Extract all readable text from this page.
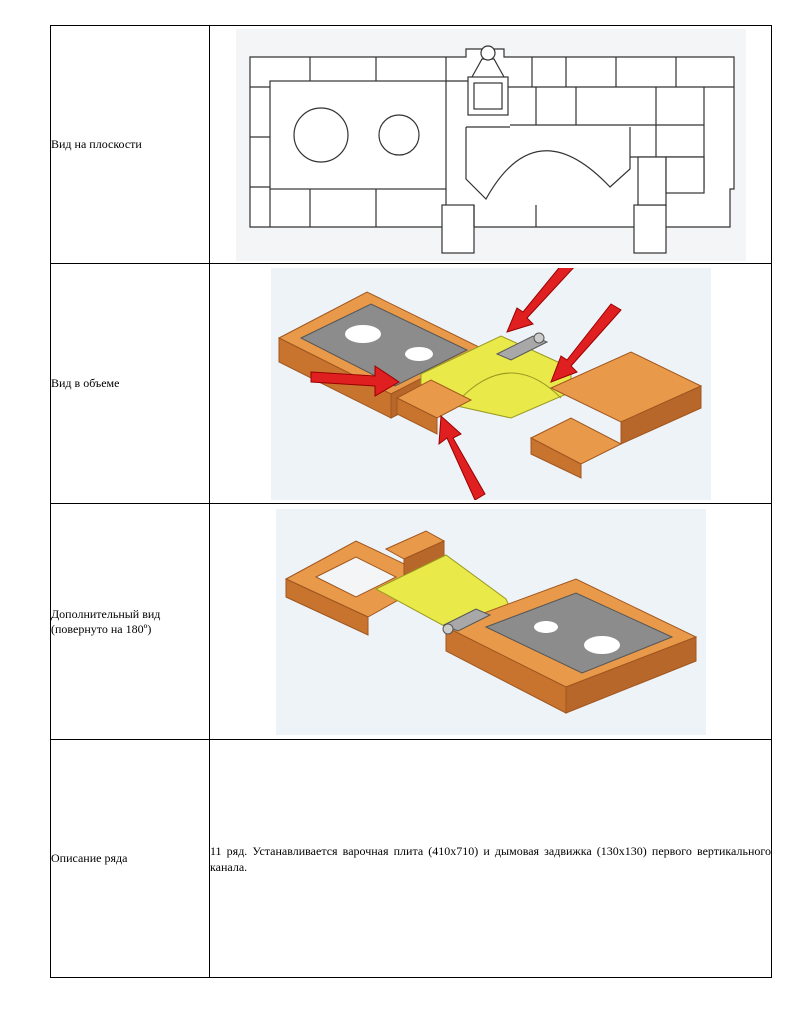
Вид на плоскости	

Вид в объеме	

Дополнительный вид (повернуто на 180º)	

Описание ряда	11 ряд. Устанавливается варочная плита (410x710) и дымовая задвижка (130x130) первого вертикального канала.
